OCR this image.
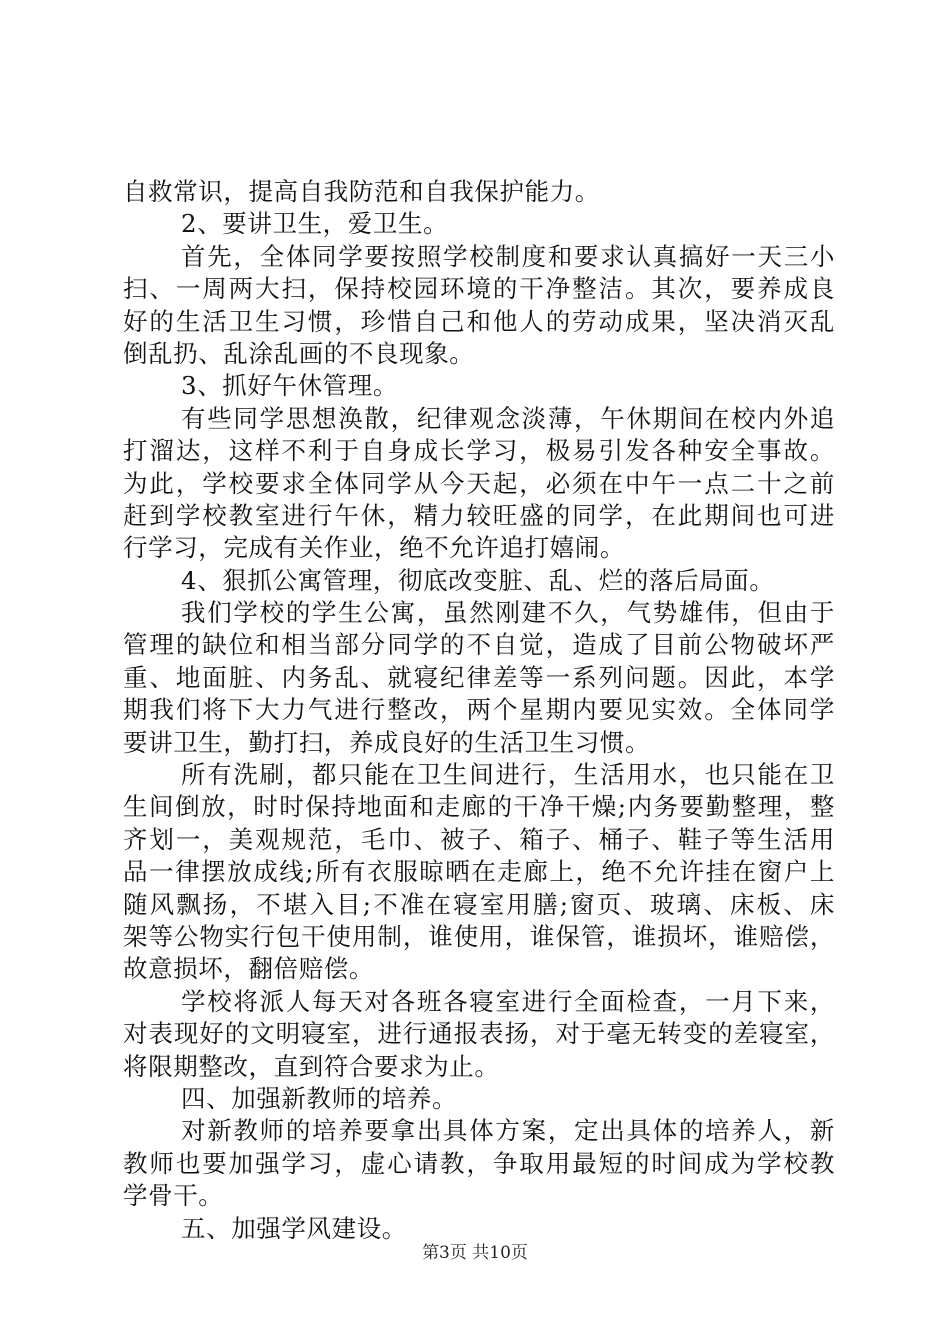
自救常识，提高自我防范和自我保护能力。
2、要讲卫生，爱卫生。
首先，全体同学要按照学校制度和要求认真搞好一天三小
扫、一周两大扫，保持校园环境的干净整洁。其次，要养成良
好的生活卫生习惯，珍惜自己和他人的劳动成果，坚决消灭乱
倒乱扔、乱涂乱画的不良现象。
3、抓好午休管理。
有些同学思想涣散，纪律观念淡薄，午休期间在校内外追
打溜达，这样不利于自身成长学习，极易引发各种安全事故。
为此，学校要求全体同学从今天起，必须在中午一点二十之前
赶到学校教室进行午休，精力较旺盛的同学，在此期间也可进
行学习，完成有关作业，绝不允许追打嬉闹。
4、狠抓公寓管理，彻底改变脏、乱、烂的落后局面。
我们学校的学生公寓，虽然刚建不久，气势雄伟，但由于
管理的缺位和相当部分同学的不自觉，造成了目前公物破坏严
重、地面脏、内务乱、就寝纪律差等一系列问题。因此，本学
期我们将下大力气进行整改，两个星期内要见实效。全体同学
要讲卫生，勤打扫，养成良好的生活卫生习惯。
所有洗刷，都只能在卫生间进行，生活用水，也只能在卫
生间倒放，时时保持地面和走廊的干净干燥;内务要勤整理，整
齐划一，美观规范，毛巾、被子、箱子、桶子、鞋子等生活用
品一律摆放成线;所有衣服晾晒在走廊上，绝不允许挂在窗户上
随风飘扬，不堪入目;不准在寝室用膳;窗页、玻璃、床板、床
架等公物实行包干使用制，谁使用，谁保管，谁损坏，谁赔偿，
故意损坏，翻倍赔偿。
学校将派人每天对各班各寝室进行全面检查，一月下来，
对表现好的文明寝室，进行通报表扬，对于毫无转变的差寝室，
将限期整改，直到符合要求为止。
四、加强新教师的培养。
对新教师的培养要拿出具体方案，定出具体的培养人，新
教师也要加强学习，虚心请教，争取用最短的时间成为学校教
学骨干。
五、加强学风建设。
第3页 共10页
